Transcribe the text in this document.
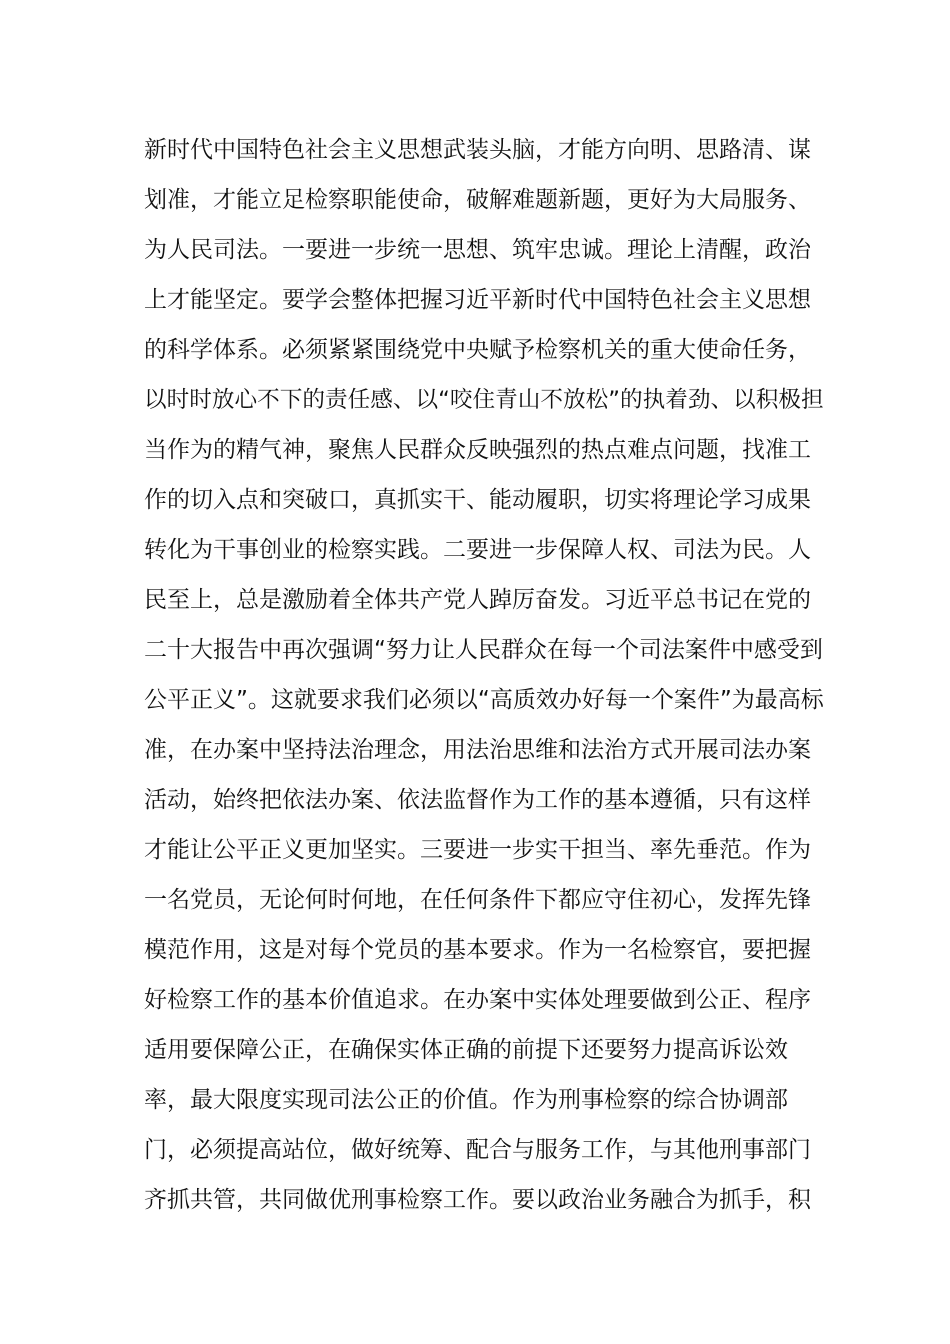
新时代中国特色社会主义思想武装头脑，才能方向明、思路清、谋
划准，才能立足检察职能使命，破解难题新题，更好为大局服务、
为人民司法。一要进一步统一思想、筑牢忠诚。理论上清醒，政治
上才能坚定。要学会整体把握习近平新时代中国特色社会主义思想
的科学体系。必须紧紧围绕党中央赋予检察机关的重大使命任务，
以时时放心不下的责任感、以“咬住青山不放松”的执着劲、以积极担
当作为的精气神，聚焦人民群众反映强烈的热点难点问题，找准工
作的切入点和突破口，真抓实干、能动履职，切实将理论学习成果
转化为干事创业的检察实践。二要进一步保障人权、司法为民。人
民至上，总是激励着全体共产党人踔厉奋发。习近平总书记在党的
二十大报告中再次强调“努力让人民群众在每一个司法案件中感受到
公平正义”。这就要求我们必须以“高质效办好每一个案件”为最高标
准，在办案中坚持法治理念，用法治思维和法治方式开展司法办案
活动，始终把依法办案、依法监督作为工作的基本遵循，只有这样
才能让公平正义更加坚实。三要进一步实干担当、率先垂范。作为
一名党员，无论何时何地，在任何条件下都应守住初心，发挥先锋
模范作用，这是对每个党员的基本要求。作为一名检察官，要把握
好检察工作的基本价值追求。在办案中实体处理要做到公正、程序
适用要保障公正，在确保实体正确的前提下还要努力提高诉讼效
率，最大限度实现司法公正的价值。作为刑事检察的综合协调部
门，必须提高站位，做好统筹、配合与服务工作，与其他刑事部门
齐抓共管，共同做优刑事检察工作。要以政治业务融合为抓手，积
